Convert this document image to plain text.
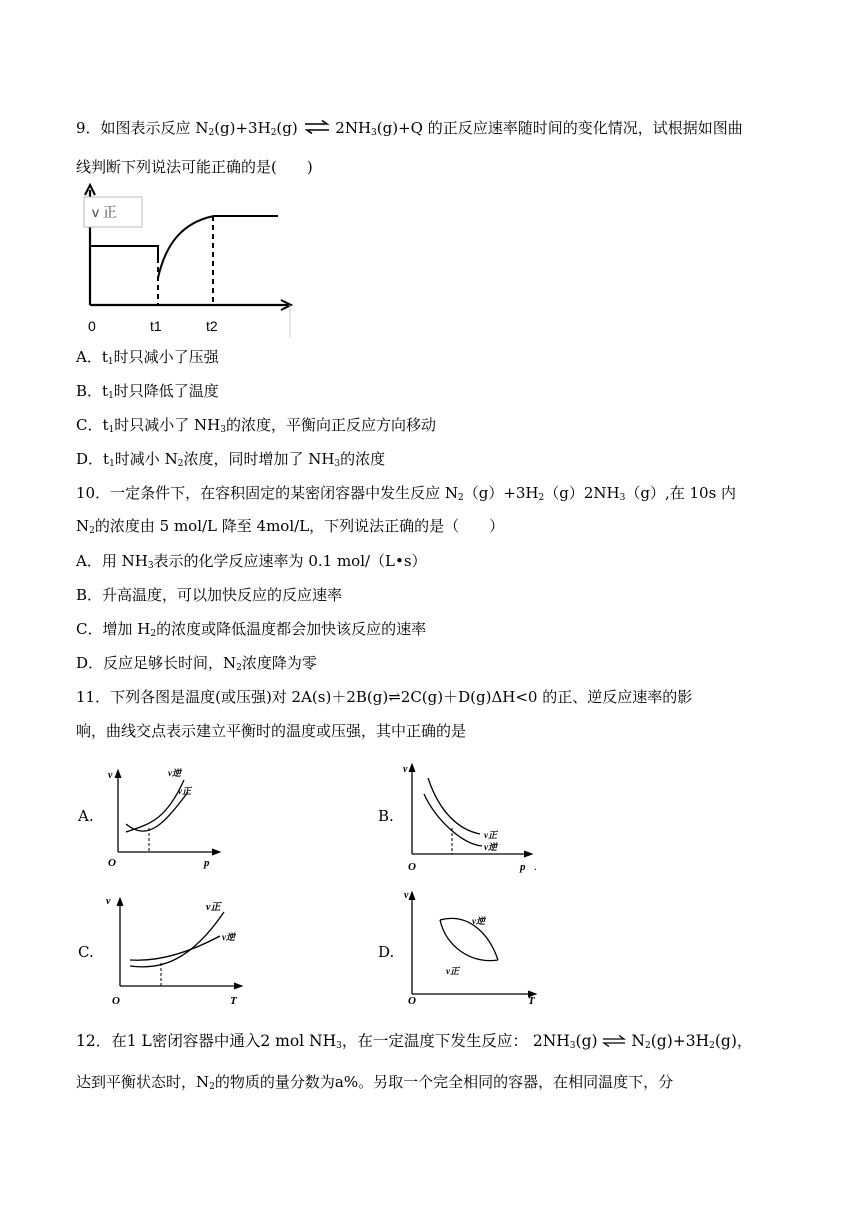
9．如图表示反应 $N_2(g)+3H_2(g)$ ⇌ $2NH_3(g)+Q$ 的正反应速率随时间的变化情况，试根据如图曲
线判断下列说法可能正确的是(　　)
v 正
0	t1	t2
A．$t_1$时只减小了压强
B．$t_1$时只降低了温度
C．$t_1$时只减小了 $NH_3$的浓度，平衡向正反应方向移动
D．$t_1$时减小 $N_2$浓度，同时增加了 $NH_3$的浓度
10．一定条件下，在容积固定的某密闭容器中发生反应 $N_2(g)+3H_2(g)2NH_3(g)$,在 10s 内
$N_2$的浓度由 5 mol/L 降至 4mol/L，下列说法正确的是（　　）
A．用 $NH_3$表示的化学反应速率为 0.1 mol/（L•s）
B．升高温度，可以加快反应的反应速率
C．增加 $H_2$的浓度或降低温度都会加快该反应的速率
D．反应足够长时间，$N_2$浓度降为零
11．下列各图是温度(或压强)对 2A(s)＋2B(g)⇌2C(g)＋D(g)ΔH<0 的正、逆反应速率的影
响，曲线交点表示建立平衡时的温度或压强，其中正确的是
A.	B.
C.	D.
v
O	p
v逆
v正
v
O	p .
v正
v逆
v
O	T
v正
v逆
v
O	T
v逆
v正
12．在1 L密闭容器中通入2 mol $NH_3$，在一定温度下发生反应： $2NH_3(g)$ ⇌ $N_2(g)+3H_2(g)$，
达到平衡状态时，$N_2$的物质的量分数为a%。另取一个完全相同的容器，在相同温度下，分
